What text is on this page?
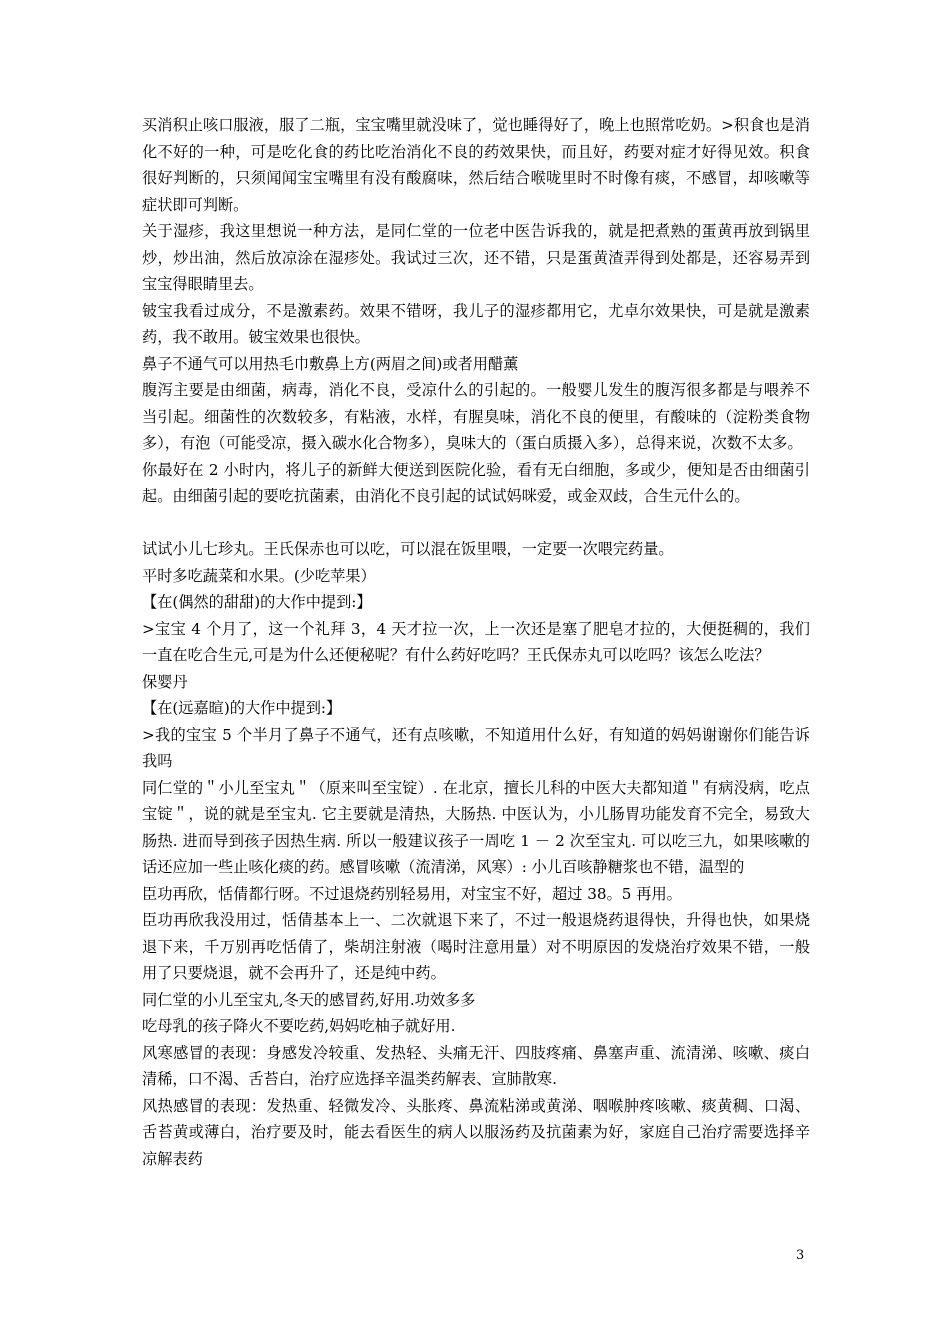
买消积止咳口服液，服了二瓶，宝宝嘴里就没味了，觉也睡得好了，晚上也照常吃奶。>积食也是消化不好的一种，可是吃化食的药比吃治消化不良的药效果快，而且好，药要对症才好得见效。积食很好判断的，只须闻闻宝宝嘴里有没有酸腐味，然后结合喉咙里时不时像有痰，不感冒，却咳嗽等症状即可判断。

关于湿疹，我这里想说一种方法，是同仁堂的一位老中医告诉我的，就是把煮熟的蛋黄再放到锅里炒，炒出油，然后放凉涂在湿疹处。我试过三次，还不错，只是蛋黄渣弄得到处都是，还容易弄到宝宝得眼睛里去。

铍宝我看过成分，不是激素药。效果不错呀，我儿子的湿疹都用它，尤卓尔效果快，可是就是激素药，我不敢用。铍宝效果也很快。

鼻子不通气可以用热毛巾敷鼻上方(两眉之间)或者用醋薰

腹泻主要是由细菌，病毒，消化不良，受凉什么的引起的。一般婴儿发生的腹泻很多都是与喂养不当引起。细菌性的次数较多，有粘液，水样，有腥臭味，消化不良的便里，有酸味的（淀粉类食物多），有泡（可能受凉，摄入碳水化合物多），臭味大的（蛋白质摄入多），总得来说，次数不太多。

你最好在 2 小时内，将儿子的新鲜大便送到医院化验，看有无白细胞，多或少，便知是否由细菌引起。由细菌引起的要吃抗菌素，由消化不良引起的试试妈咪爱，或金双歧，合生元什么的。

试试小儿七珍丸。王氏保赤也可以吃，可以混在饭里喂，一定要一次喂完药量。

平时多吃蔬菜和水果。(少吃苹果）

【在(偶然的甜甜)的大作中提到:】

>宝宝 4 个月了，这一个礼拜 3，4 天才拉一次，上一次还是塞了肥皂才拉的，大便挺稠的，我们一直在吃合生元,可是为什么还便秘呢？有什么药好吃吗？王氏保赤丸可以吃吗？该怎么吃法？

保婴丹

【在(远嘉暄)的大作中提到:】

>我的宝宝 5 个半月了鼻子不通气，还有点咳嗽，不知道用什么好，有知道的妈妈谢谢你们能告诉我吗

同仁堂的＂小儿至宝丸＂（原来叫至宝锭）. 在北京，擅长儿科的中医大夫都知道＂有病没病，吃点宝锭＂，说的就是至宝丸. 它主要就是清热，大肠热. 中医认为，小儿肠胃功能发育不完全，易致大肠热. 进而导到孩子因热生病. 所以一般建议孩子一周吃 1 － 2 次至宝丸. 可以吃三九，如果咳嗽的话还应加一些止咳化痰的药。感冒咳嗽（流清涕，风寒）: 小儿百咳静糖浆也不错，温型的

臣功再欣，恬倩都行呀。不过退烧药别轻易用，对宝宝不好，超过 38。5 再用。

臣功再欣我没用过，恬倩基本上一、二次就退下来了，不过一般退烧药退得快，升得也快，如果烧退下来，千万别再吃恬倩了，柴胡注射液（喝时注意用量）对不明原因的发烧治疗效果不错，一般用了只要烧退，就不会再升了，还是纯中药。

同仁堂的小儿至宝丸,冬天的感冒药,好用.功效多多

吃母乳的孩子降火不要吃药,妈妈吃柚子就好用.

风寒感冒的表现：身感发冷较重、发热轻、头痛无汗、四肢疼痛、鼻塞声重、流清涕、咳嗽、痰白清稀，口不渴、舌苔白，治疗应选择辛温类药解表、宣肺散寒.

风热感冒的表现：发热重、轻微发冷、头胀疼、鼻流粘涕或黄涕、咽喉肿疼咳嗽、痰黄稠、口渴、舌苔黄或薄白，治疗要及时，能去看医生的病人以服汤药及抗菌素为好，家庭自己治疗需要选择辛凉解表药

3
